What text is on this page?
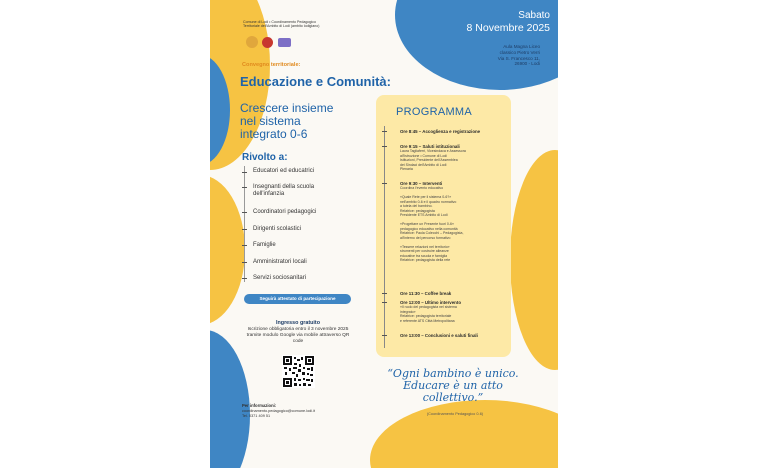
Comune di Lodi • Coordinamento Pedagogico
Territoriale dell'Ambito di Lodi (ambito lodigiano)
Sabato
8 Novembre 2025
Aula Magna Liceo
classico Pietro Verri
Via S. Francesco 11,
26900 - Lodi
Convegno territoriale:
Educazione e Comunità:
Crescere insieme nel sistema integrato 0-6
Rivolto a:
Educatori ed educatrici
Insegnanti della scuola dell'infanzia
Coordinatori pedagogici
Dirigenti scolastici
Famiglie
Amministratori locali
Servizi sociosanitari
Seguirà attestato di partecipazione
Ingresso gratuito
Iscrizione obbligatoria entro il 3 novembre 2025 tramite modulo Google via mobile attraverso QR code
Per informazioni:
coordinamento.pedagogico@comune.lodi.it
Tel. 0371 409 51
PROGRAMMA
Ore 8:45 – Accoglienza e registrazione
Ore 9:15 – Saluti istituzionali
Laura Tagliaferri, Vicesindaca e Assessora
all'Istruzione • Comune di Lodi
Istituzioni, Presidente dell'Assemblea
dei Sindaci dell'Ambito di Lodi
Plenaria
Ore 9:30 – Interventi
Coordina l'evento educativo

«Quale Rete per il sistema 0-6?»
nell'ambito 0-6 e il quadro normativo
a tutela del bambino.
Relatrice: pedagogista
Presidente ETS Ambito di Lodi

«Progettare un Presente fuori 0-6»
pedagogico educativo nella comunità
Relatrice: Paola Colecchi – Pedagogista,
all'interno del percorso formativo

«Tessere relazioni nel territorio»
strumenti per costruire alleanze
educative tra scuola e famiglia
Relatrice: pedagogista della rete
Ore 11:30 – Coffee break
Ore 12:00 – Ultimo intervento
«Il ruolo del pedagogista nel sistema
integrato»
Relatrice: pedagogista territoriale
e referente ATS Città Metropolitana
Ore 13:00 – Conclusioni e saluti finali
“Ogni bambino è unico. Educare è un atto collettivo.”
(Coordinamento Pedagogico 0-6)
